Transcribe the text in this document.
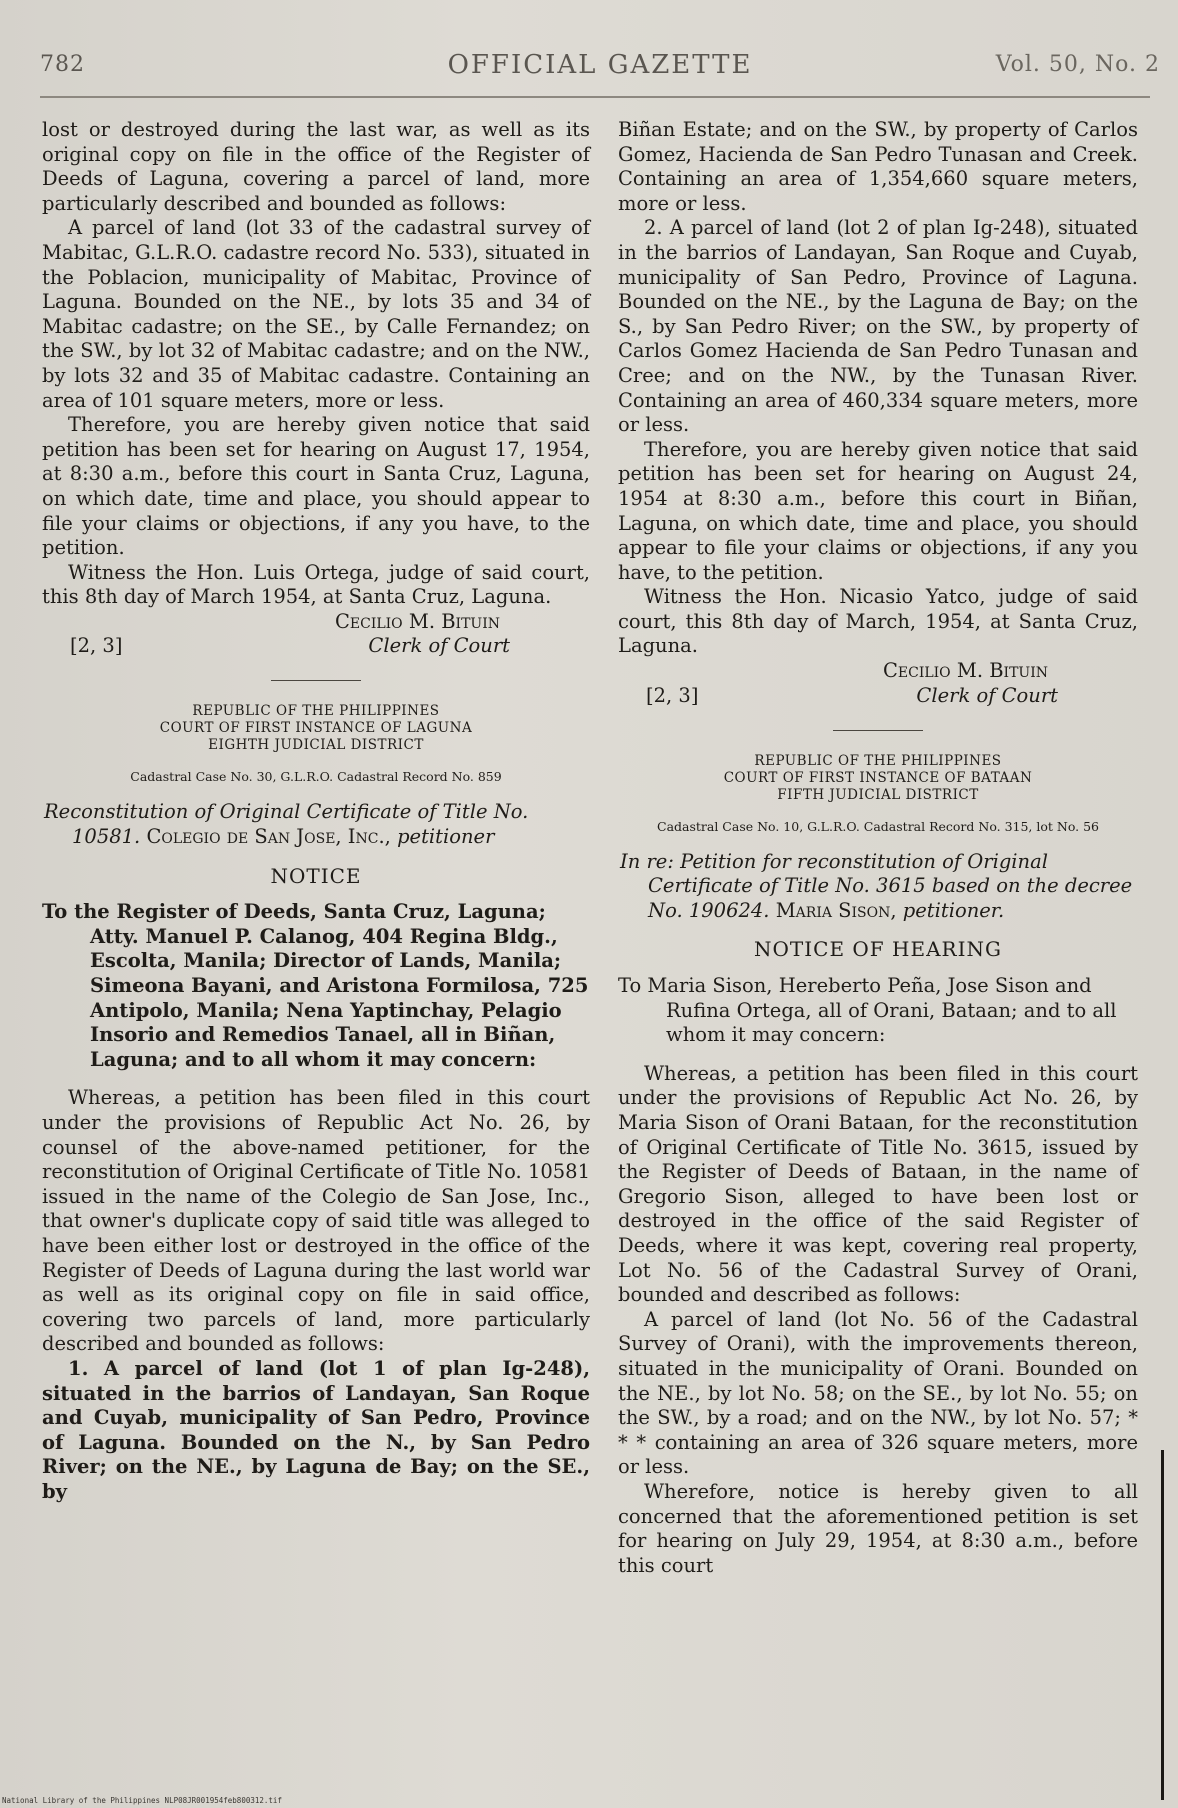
782	OFFICIAL GAZETTE	Vol. 50, No. 2

lost or destroyed during the last war, as well as its original copy on file in the office of the Register of Deeds of Laguna, covering a parcel of land, more particularly described and bounded as follows:

A parcel of land (lot 33 of the cadastral survey of Mabitac, G.L.R.O. cadastre record No. 533), situated in the Poblacion, municipality of Mabitac, Province of Laguna. Bounded on the NE., by lots 35 and 34 of Mabitac cadastre; on the SE., by Calle Fernandez; on the SW., by lot 32 of Mabitac cadastre; and on the NW., by lots 32 and 35 of Mabitac cadastre. Containing an area of 101 square meters, more or less.

Therefore, you are hereby given notice that said petition has been set for hearing on August 17, 1954, at 8:30 a.m., before this court in Santa Cruz, Laguna, on which date, time and place, you should appear to file your claims or objections, if any you have, to the petition.

Witness the Hon. Luis Ortega, judge of said court, this 8th day of March 1954, at Santa Cruz, Laguna.

Cecilio M. Bituin
[2, 3]	Clerk of Court
REPUBLIC OF THE PHILIPPINES
COURT OF FIRST INSTANCE OF LAGUNA
EIGHTH JUDICIAL DISTRICT
Cadastral Case No. 30, G.L.R.O. Cadastral Record No. 859

Reconstitution of Original Certificate of Title No. 10581. Colegio de San Jose, Inc., petitioner

NOTICE

To the Register of Deeds, Santa Cruz, Laguna; Atty. Manuel P. Calanog, 404 Regina Bldg., Escolta, Manila; Director of Lands, Manila; Simeona Bayani, and Aristona Formilosa, 725 Antipolo, Manila; Nena Yaptinchay, Pelagio Insorio and Remedios Tanael, all in Biñan, Laguna; and to all whom it may concern:

Whereas, a petition has been filed in this court under the provisions of Republic Act No. 26, by counsel of the above-named petitioner, for the reconstitution of Original Certificate of Title No. 10581 issued in the name of the Colegio de San Jose, Inc., that owner's duplicate copy of said title was alleged to have been either lost or destroyed in the office of the Register of Deeds of Laguna during the last world war as well as its original copy on file in said office, covering two parcels of land, more particularly described and bounded as follows:

1. A parcel of land (lot 1 of plan Ig-248), situated in the barrios of Landayan, San Roque and Cuyab, municipality of San Pedro, Province of Laguna. Bounded on the N., by San Pedro River; on the NE., by Laguna de Bay; on the SE., by

Biñan Estate; and on the SW., by property of Carlos Gomez, Hacienda de San Pedro Tunasan and Creek. Containing an area of 1,354,660 square meters, more or less.

2. A parcel of land (lot 2 of plan Ig-248), situated in the barrios of Landayan, San Roque and Cuyab, municipality of San Pedro, Province of Laguna. Bounded on the NE., by the Laguna de Bay; on the S., by San Pedro River; on the SW., by property of Carlos Gomez Hacienda de San Pedro Tunasan and Cree; and on the NW., by the Tunasan River. Containing an area of 460,334 square meters, more or less.

Therefore, you are hereby given notice that said petition has been set for hearing on August 24, 1954 at 8:30 a.m., before this court in Biñan, Laguna, on which date, time and place, you should appear to file your claims or objections, if any you have, to the petition.

Witness the Hon. Nicasio Yatco, judge of said court, this 8th day of March, 1954, at Santa Cruz, Laguna.

Cecilio M. Bituin
[2, 3]	Clerk of Court
REPUBLIC OF THE PHILIPPINES
COURT OF FIRST INSTANCE OF BATAAN
FIFTH JUDICIAL DISTRICT
Cadastral Case No. 10, G.L.R.O. Cadastral Record No. 315, lot No. 56

In re: Petition for reconstitution of Original Certificate of Title No. 3615 based on the decree No. 190624. Maria Sison, petitioner.

NOTICE OF HEARING

To Maria Sison, Hereberto Peña, Jose Sison and Rufina Ortega, all of Orani, Bataan; and to all whom it may concern:

Whereas, a petition has been filed in this court under the provisions of Republic Act No. 26, by Maria Sison of Orani Bataan, for the reconstitution of Original Certificate of Title No. 3615, issued by the Register of Deeds of Bataan, in the name of Gregorio Sison, alleged to have been lost or destroyed in the office of the said Register of Deeds, where it was kept, covering real property, Lot No. 56 of the Cadastral Survey of Orani, bounded and described as follows:

A parcel of land (lot No. 56 of the Cadastral Survey of Orani), with the improvements thereon, situated in the municipality of Orani. Bounded on the NE., by lot No. 58; on the SE., by lot No. 55; on the SW., by a road; and on the NW., by lot No. 57; * * * containing an area of 326 square meters, more or less.

Wherefore, notice is hereby given to all concerned that the aforementioned petition is set for hearing on July 29, 1954, at 8:30 a.m., before this court

National Library of the Philippines NLP08JR001954feb800312.tif
